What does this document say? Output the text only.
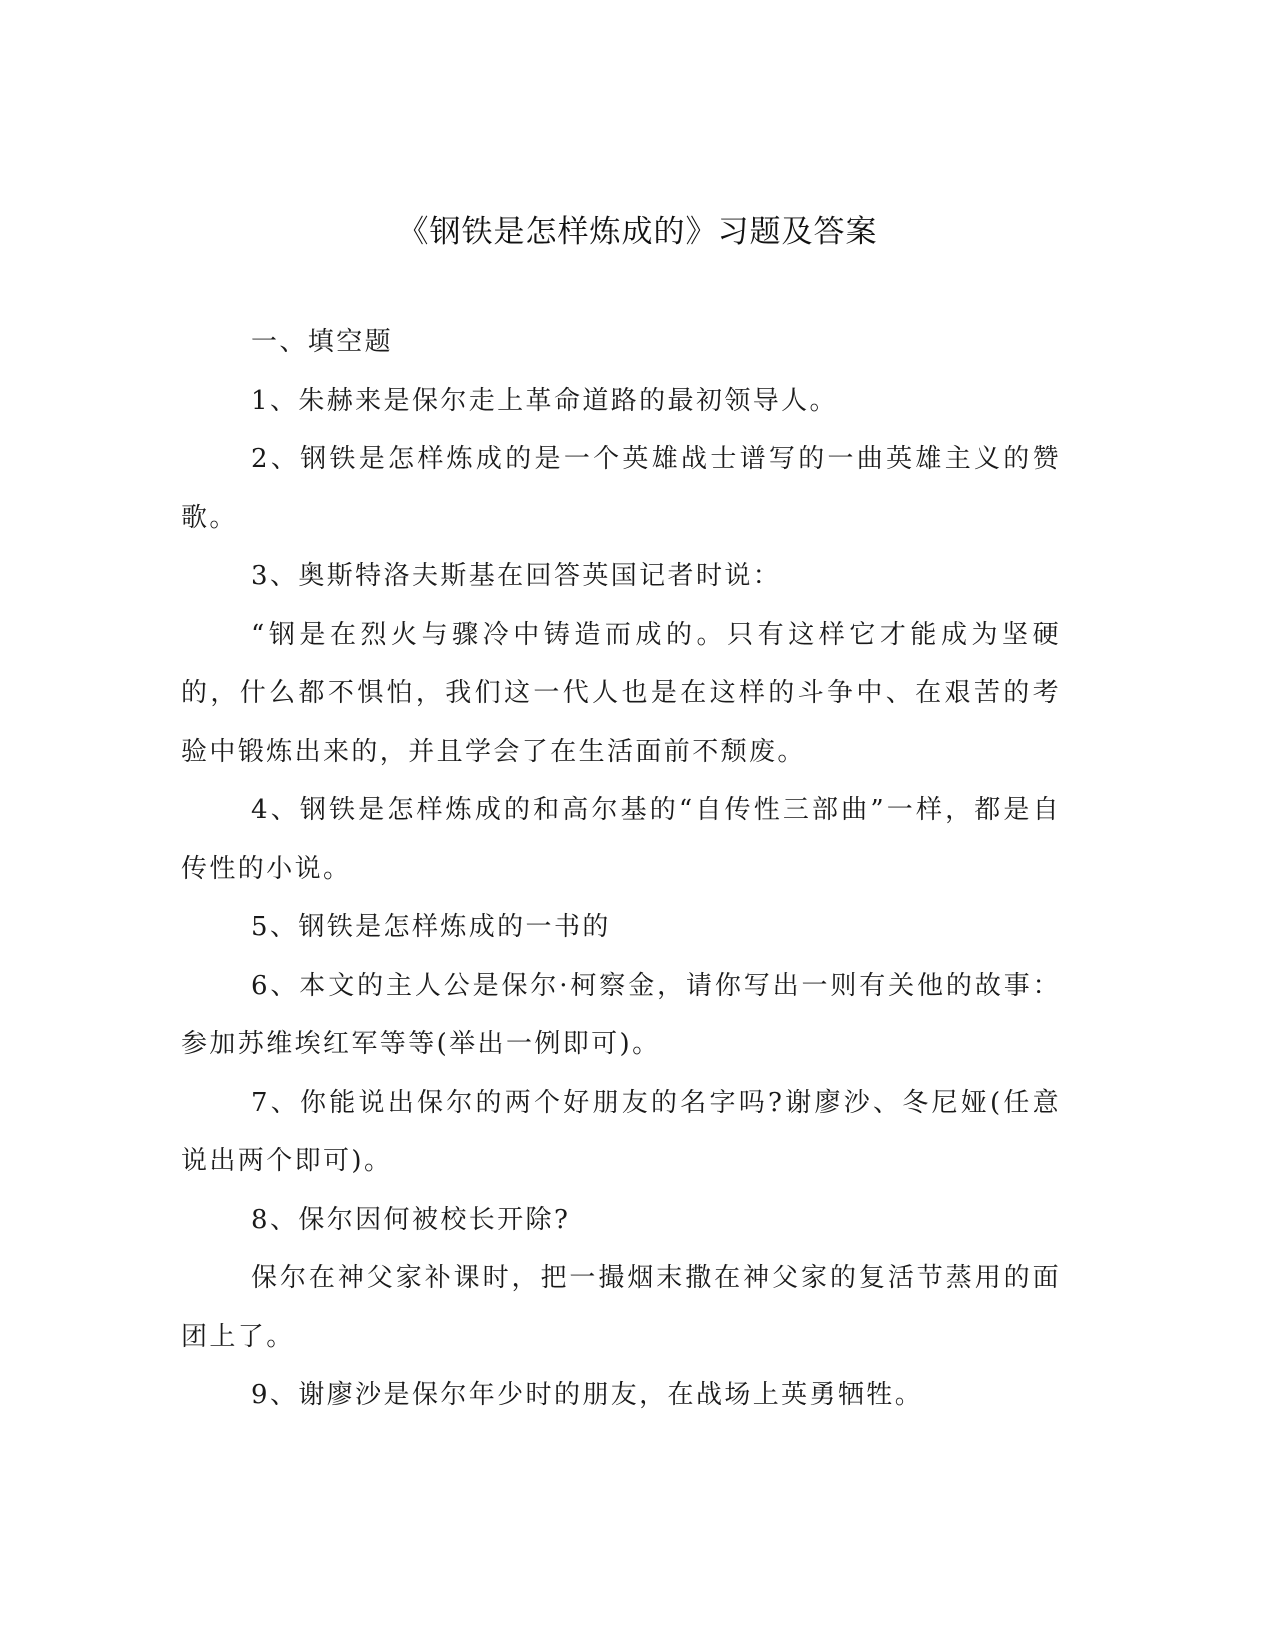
《钢铁是怎样炼成的》习题及答案

一、填空题

1、朱赫来是保尔走上革命道路的最初领导人。

2、钢铁是怎样炼成的是一个英雄战士谱写的一曲英雄主义的赞歌。

3、奥斯特洛夫斯基在回答英国记者时说：

“钢是在烈火与骤冷中铸造而成的。只有这样它才能成为坚硬的，什么都不惧怕，我们这一代人也是在这样的斗争中、在艰苦的考验中锻炼出来的，并且学会了在生活面前不颓废。

4、钢铁是怎样炼成的和高尔基的“自传性三部曲”一样，都是自传性的小说。

5、钢铁是怎样炼成的一书的

6、本文的主人公是保尔·柯察金，请你写出一则有关他的故事：参加苏维埃红军等等(举出一例即可)。

7、你能说出保尔的两个好朋友的名字吗?谢廖沙、冬尼娅(任意说出两个即可)。

8、保尔因何被校长开除?

保尔在神父家补课时，把一撮烟末撒在神父家的复活节蒸用的面团上了。

9、谢廖沙是保尔年少时的朋友，在战场上英勇牺牲。
